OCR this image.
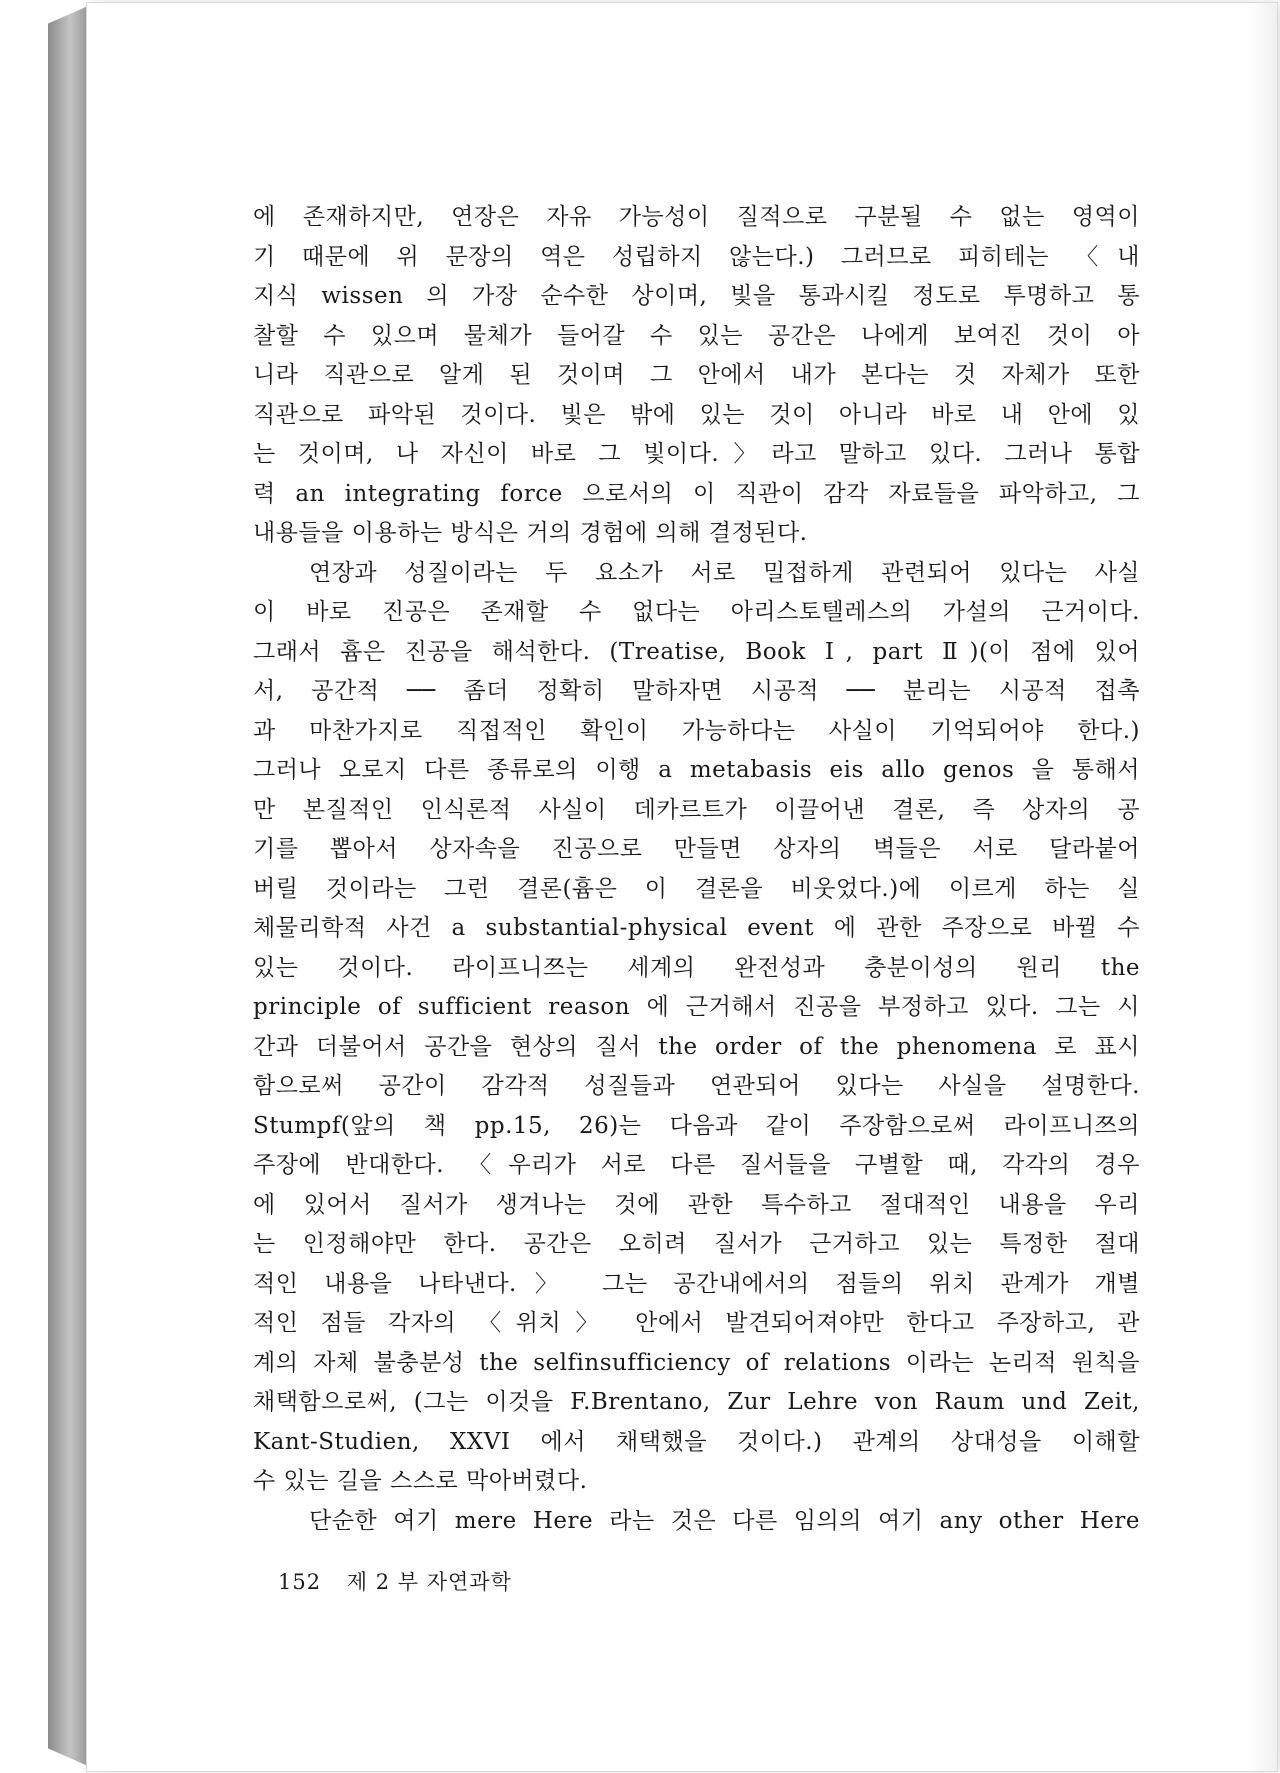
에 존재하지만, 연장은 자유 가능성이 질적으로 구분될 수 없는 영역이
기 때문에 위 문장의 역은 성립하지 않는다.) 그러므로 피히테는 〈내
지식 wissen 의 가장 순수한 상이며, 빛을 통과시킬 정도로 투명하고 통
찰할 수 있으며 물체가 들어갈 수 있는 공간은 나에게 보여진 것이 아
니라 직관으로 알게 된 것이며 그 안에서 내가 본다는 것 자체가 또한
직관으로 파악된 것이다. 빛은 밖에 있는 것이 아니라 바로 내 안에 있
는 것이며, 나 자신이 바로 그 빛이다.〉라고 말하고 있다. 그러나 통합
력 an integrating force 으로서의 이 직관이 감각 자료들을 파악하고, 그
내용들을 이용하는 방식은 거의 경험에 의해 결정된다.
연장과 성질이라는 두 요소가 서로 밀접하게 관련되어 있다는 사실
이 바로 진공은 존재할 수 없다는 아리스토텔레스의 가설의 근거이다.
그래서 흄은 진공을 해석한다. (Treatise, Book Ⅰ, part Ⅱ)(이 점에 있어
서, 공간적 ── 좀더 정확히 말하자면 시공적 ── 분리는 시공적 접촉
과 마찬가지로 직접적인 확인이 가능하다는 사실이 기억되어야 한다.)
그러나 오로지 다른 종류로의 이행 a metabasis eis allo genos 을 통해서
만 본질적인 인식론적 사실이 데카르트가 이끌어낸 결론, 즉 상자의 공
기를 뽑아서 상자속을 진공으로 만들면 상자의 벽들은 서로 달라붙어
버릴 것이라는 그런 결론(흄은 이 결론을 비웃었다.)에 이르게 하는 실
체물리학적 사건 a substantial-physical event 에 관한 주장으로 바뀔 수
있는 것이다. 라이프니쯔는 세계의 완전성과 충분이성의 원리 the
principle of sufficient reason 에 근거해서 진공을 부정하고 있다. 그는 시
간과 더불어서 공간을 현상의 질서 the order of the phenomena 로 표시
함으로써 공간이 감각적 성질들과 연관되어 있다는 사실을 설명한다.
Stumpf(앞의 책 pp.15, 26)는 다음과 같이 주장함으로써 라이프니쯔의
주장에 반대한다. 〈우리가 서로 다른 질서들을 구별할 때, 각각의 경우
에 있어서 질서가 생겨나는 것에 관한 특수하고 절대적인 내용을 우리
는 인정해야만 한다. 공간은 오히려 질서가 근거하고 있는 특정한 절대
적인 내용을 나타낸다.〉 그는 공간내에서의 점들의 위치 관계가 개별
적인 점들 각자의 〈위치〉 안에서 발견되어져야만 한다고 주장하고, 관
계의 자체 불충분성 the selfinsufficiency of relations 이라는 논리적 원칙을
채택함으로써, (그는 이것을 F.Brentano, Zur Lehre von Raum und Zeit,
Kant-Studien, XXVI 에서 채택했을 것이다.) 관계의 상대성을 이해할
수 있는 길을 스스로 막아버렸다.
단순한 여기 mere Here 라는 것은 다른 임의의 여기 any other Here
152 제 2 부 자연과학
